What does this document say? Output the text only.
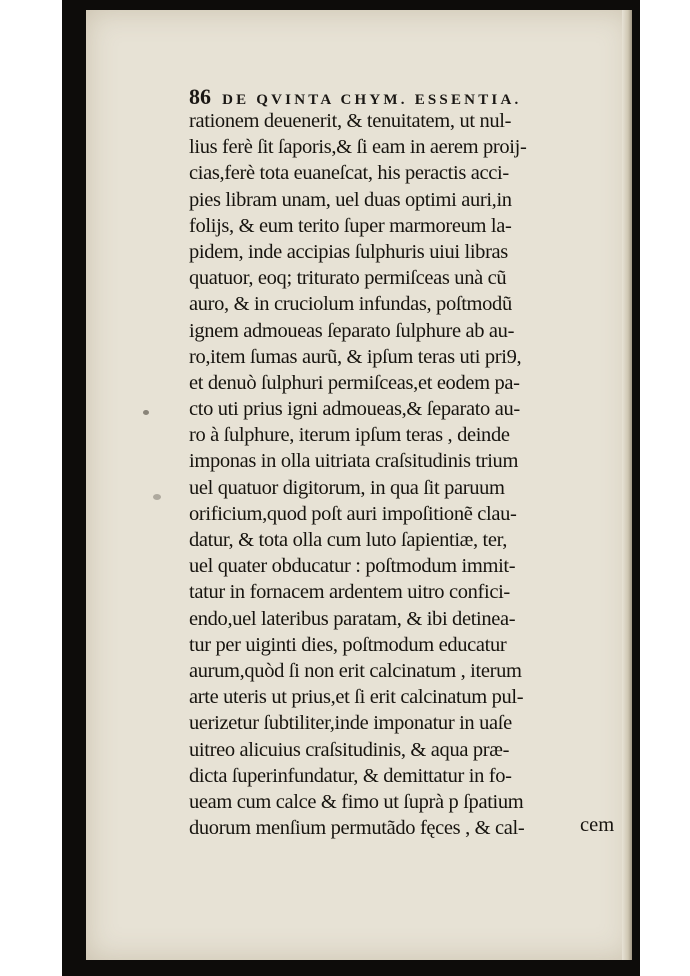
86 DE QVINTA CHYM. ESSENTIA.
rationem deuenerit, & tenuitatem, ut nul-
lius ferè ſit ſaporis,& ſi eam in aerem proij-
cias,ferè tota euaneſcat, his peractis acci-
pies libram unam, uel duas optimi auri,in
folijs, & eum terito ſuper marmoreum la-
pidem, inde accipias ſulphuris uiui libras
quatuor, eoq; triturato permiſceas unà cũ
auro, & in cruciolum infundas, poſtmodũ
ignem admoueas ſeparato ſulphure ab au-
ro,item ſumas aurũ, & ipſum teras uti pri9,
et denuò ſulphuri permiſceas,et eodem pa-
cto uti prius igni admoueas,& ſeparato au-
ro à ſulphure, iterum ipſum teras , deinde
imponas in olla uitriata craſsitudinis trium
uel quatuor digitorum, in qua ſit paruum
orificium,quod poſt auri impoſitionẽ clau-
datur, & tota olla cum luto ſapientiæ, ter,
uel quater obducatur : poſtmodum immit-
tatur in fornacem ardentem uitro confici-
endo,uel lateribus paratam, & ibi detinea-
tur per uiginti dies, poſtmodum educatur
aurum,quòd ſi non erit calcinatum , iterum
arte uteris ut prius,et ſi erit calcinatum pul-
uerizetur ſubtiliter,inde imponatur in uaſe
uitreo alicuius craſsitudinis, & aqua præ-
dicta ſuperinfundatur, & demittatur in fo-
ueam cum calce & fimo ut ſuprà p ſpatium
duorum menſium permutãdo fęces , & cal-	cem
